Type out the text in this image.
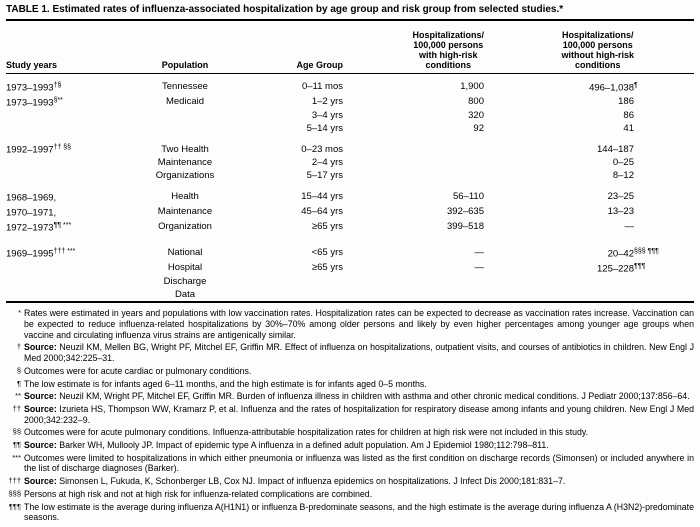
TABLE 1. Estimated rates of influenza-associated hospitalization by age group and risk group from selected studies.*
Study years	Population	Age Group	Hospitalizations/
100,000 persons
with high-risk
conditions	Hospitalizations/
100,000 persons
without high-risk
conditions	

1973–1993†§	Tennessee	0–11 mos	1,900	496–1,038¶	
1973–1993§**	Medicaid	1–2 yrs	800	186	
		3–4 yrs	320	86	
		5–14 yrs	92	41	

1992–1997†† §§	Two Health	0–23 mos		144–187	
	Maintenance	2–4 yrs		0–25	
	Organizations	5–17 yrs		8–12	

1968–1969,	Health	15–44 yrs	56–110	23–25	
1970–1971,	Maintenance	45–64 yrs	392–635	13–23	
1972–1973¶¶ ***	Organization	≥65 yrs	399–518	—	

1969–1995††† ***	National	<65 yrs	—	20–42§§§ ¶¶¶	
	Hospital	≥65 yrs	—	125–228¶¶¶	
	Discharge				
	Data				
* Rates were estimated in years and populations with low vaccination rates. Hospitalization rates can be expected to decrease as vaccination rates increase. Vaccination can be expected to reduce influenza-related hospitalizations by 30%–70% among older persons and likely by even higher percentages among younger age groups when vaccine and circulating influenza virus strains are antigenically similar.
† Source: Neuzil KM, Mellen BG, Wright PF, Mitchel EF, Griffin MR. Effect of influenza on hospitalizations, outpatient visits, and courses of antibiotics in children. New Engl J Med 2000;342:225–31.
§ Outcomes were for acute cardiac or pulmonary conditions.
¶ The low estimate is for infants aged 6–11 months, and the high estimate is for infants aged 0–5 months.
** Source: Neuzil KM, Wright PF, Mitchel EF, Griffin MR. Burden of influenza illness in children with asthma and other chronic medical conditions. J Pediatr 2000;137:856–64.
†† Source: Izurieta HS, Thompson WW, Kramarz P, et al. Influenza and the rates of hospitalization for respiratory disease among infants and young children. New Engl J Med 2000;342:232–9.
§§ Outcomes were for acute pulmonary conditions. Influenza-attributable hospitalization rates for children at high risk were not included in this study.
¶¶ Source: Barker WH, Mullooly JP. Impact of epidemic type A influenza in a defined adult population. Am J Epidemiol 1980;112:798–811.
*** Outcomes were limited to hospitalizations in which either pneumonia or influenza was listed as the first condition on discharge records (Simonsen) or included anywhere in the list of discharge diagnoses (Barker).
††† Source: Simonsen L, Fukuda, K, Schonberger LB, Cox NJ. Impact of influenza epidemics on hospitalizations. J Infect Dis 2000;181:831–7.
§§§ Persons at high risk and not at high risk for influenza-related complications are combined.
¶¶¶ The low estimate is the average during influenza A(H1N1) or influenza B-predominate seasons, and the high estimate is the average during influenza A (H3N2)-predominate seasons.
